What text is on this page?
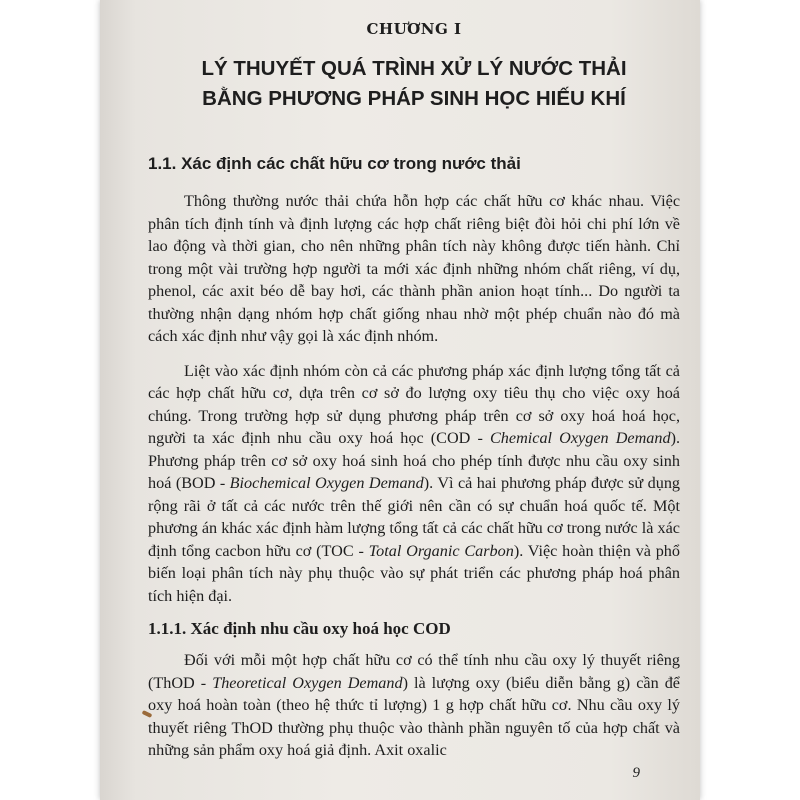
CHƯƠNG I
LÝ THUYẾT QUÁ TRÌNH XỬ LÝ NƯỚC THẢI
BẰNG PHƯƠNG PHÁP SINH HỌC HIẾU KHÍ
1.1. Xác định các chất hữu cơ trong nước thải

Thông thường nước thải chứa hỗn hợp các chất hữu cơ khác nhau. Việc phân tích định tính và định lượng các hợp chất riêng biệt đòi hỏi chi phí lớn về lao động và thời gian, cho nên những phân tích này không được tiến hành. Chỉ trong một vài trường hợp người ta mới xác định những nhóm chất riêng, ví dụ, phenol, các axit béo dễ bay hơi, các thành phần anion hoạt tính... Do người ta thường nhận dạng nhóm hợp chất giống nhau nhờ một phép chuẩn nào đó mà cách xác định như vậy gọi là xác định nhóm.

Liệt vào xác định nhóm còn cả các phương pháp xác định lượng tổng tất cả các hợp chất hữu cơ, dựa trên cơ sở đo lượng oxy tiêu thụ cho việc oxy hoá chúng. Trong trường hợp sử dụng phương pháp trên cơ sở oxy hoá hoá học, người ta xác định nhu cầu oxy hoá học (COD - Chemical Oxygen Demand). Phương pháp trên cơ sở oxy hoá sinh hoá cho phép tính được nhu cầu oxy sinh hoá (BOD - Biochemical Oxygen Demand). Vì cả hai phương pháp được sử dụng rộng rãi ở tất cả các nước trên thế giới nên cần có sự chuẩn hoá quốc tế. Một phương án khác xác định hàm lượng tổng tất cả các chất hữu cơ trong nước là xác định tổng cacbon hữu cơ (TOC - Total Organic Carbon). Việc hoàn thiện và phổ biến loại phân tích này phụ thuộc vào sự phát triển các phương pháp hoá phân tích hiện đại.

1.1.1. Xác định nhu cầu oxy hoá học COD

Đối với mỗi một hợp chất hữu cơ có thể tính nhu cầu oxy lý thuyết riêng (ThOD - Theoretical Oxygen Demand) là lượng oxy (biểu diễn bằng g) cần để oxy hoá hoàn toàn (theo hệ thức tỉ lượng) 1 g hợp chất hữu cơ. Nhu cầu oxy lý thuyết riêng ThOD thường phụ thuộc vào thành phần nguyên tố của hợp chất và những sản phẩm oxy hoá giả định. Axit oxalic

9
